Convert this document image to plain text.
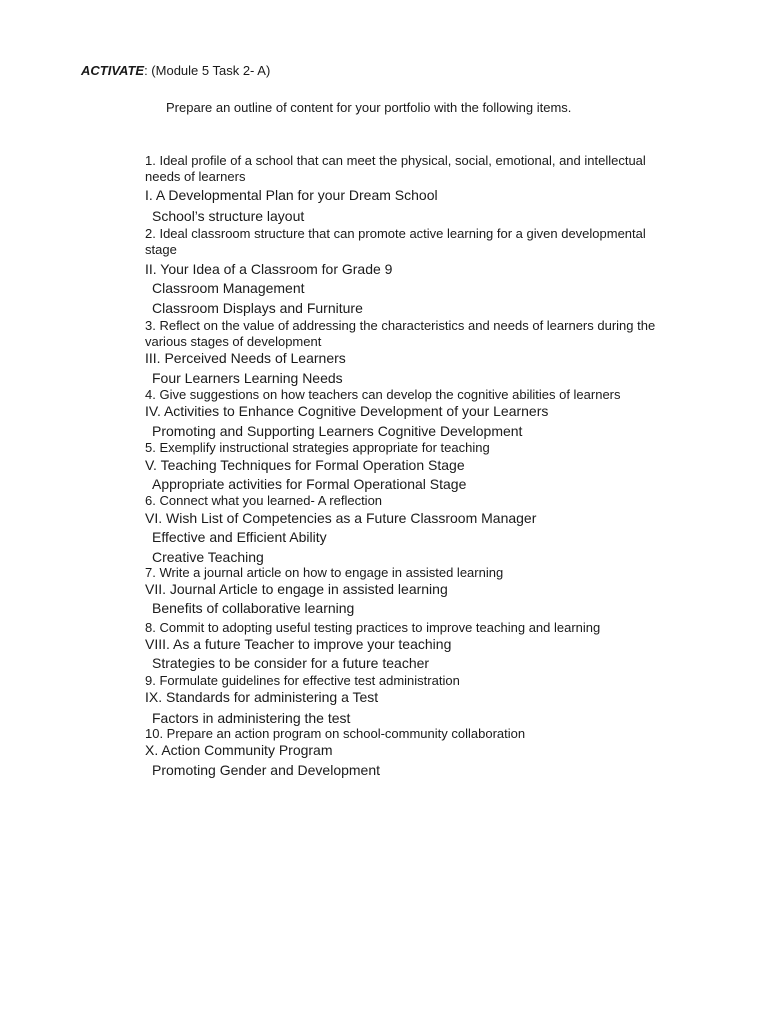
ACTIVATE: (Module 5 Task 2- A)
Prepare an outline of content for your portfolio with the following items.
1. Ideal profile of a school that can meet the physical, social, emotional, and intellectual needs of learners
I. A Developmental Plan for your Dream School
School’s structure layout
2. Ideal classroom structure that can promote active learning for a given developmental stage
II. Your Idea of a Classroom for Grade 9
Classroom Management
Classroom Displays and Furniture
3. Reflect on the value of addressing the characteristics and needs of learners during the various stages of development
III. Perceived Needs of Learners
Four Learners Learning Needs
4. Give suggestions on how teachers can develop the cognitive abilities of learners
IV. Activities to Enhance Cognitive Development of your Learners
Promoting and Supporting Learners Cognitive Development
5. Exemplify instructional strategies appropriate for teaching
V. Teaching Techniques for Formal Operation Stage
Appropriate activities for Formal Operational Stage
6. Connect what you learned- A reflection
VI. Wish List of Competencies as a Future Classroom Manager
Effective and Efficient Ability
Creative Teaching
7. Write a journal article on how to engage in assisted learning
VII. Journal Article to engage in assisted learning
Benefits of collaborative learning
8. Commit to adopting useful testing practices to improve teaching and learning
VIII. As a future Teacher to improve your teaching
Strategies to be consider for a future teacher
9. Formulate guidelines for effective test administration
IX. Standards for administering a Test
Factors in administering the test
10. Prepare an action program on school-community collaboration
X. Action Community Program
Promoting Gender and Development
